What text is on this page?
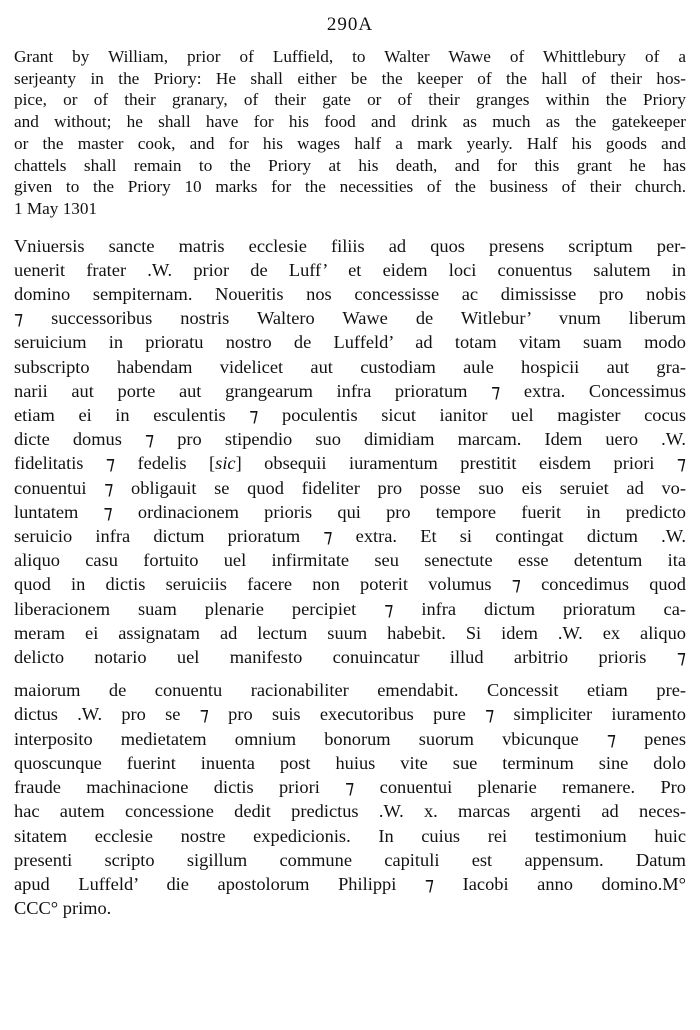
290A
Grant by William, prior of Luffield, to Walter Wawe of Whittlebury of a
serjeanty in the Priory: He shall either be the keeper of the hall of their hos-
pice, or of their granary, of their gate or of their granges within the Priory
and without; he shall have for his food and drink as much as the gatekeeper
or the master cook, and for his wages half a mark yearly. Half his goods and
chattels shall remain to the Priory at his death, and for this grant he has
given to the Priory 10 marks for the necessities of the business of their church.
1 May 1301
Vniuersis sancte matris ecclesie filiis ad quos presens scriptum per-
uenerit frater .W. prior de Luff’ et eidem loci conuentus salutem in
domino sempiternam. Noueritis nos concessisse ac dimississe pro nobis
⁊ successoribus nostris Waltero Wawe de Witlebur’ vnum liberum
seruicium in prioratu nostro de Luffeld’ ad totam vitam suam modo
subscripto habendam videlicet aut custodiam aule hospicii aut gra-
narii aut porte aut grangearum infra prioratum ⁊ extra. Concessimus
etiam ei in esculentis ⁊ poculentis sicut ianitor uel magister cocus
dicte domus ⁊ pro stipendio suo dimidiam marcam. Idem uero .W.
fidelitatis ⁊ fedelis [sic] obsequii iuramentum prestitit eisdem priori ⁊
conuentui ⁊ obligauit se quod fideliter pro posse suo eis seruiet ad vo-
luntatem ⁊ ordinacionem prioris qui pro tempore fuerit in predicto
seruicio infra dictum prioratum ⁊ extra. Et si contingat dictum .W.
aliquo casu fortuito uel infirmitate seu senectute esse detentum ita
quod in dictis seruiciis facere non poterit volumus ⁊ concedimus quod
liberacionem suam plenarie percipiet ⁊ infra dictum prioratum ca-
meram ei assignatam ad lectum suum habebit. Si idem .W. ex aliquo
delicto notario uel manifesto conuincatur illud arbitrio prioris ⁊
maiorum de conuentu racionabiliter emendabit. Concessit etiam pre-
dictus .W. pro se ⁊ pro suis executoribus pure ⁊ simpliciter iuramento
interposito medietatem omnium bonorum suorum vbicunque ⁊ penes
quoscunque fuerint inuenta post huius vite sue terminum sine dolo
fraude machinacione dictis priori ⁊ conuentui plenarie remanere. Pro
hac autem concessione dedit predictus .W. x. marcas argenti ad neces-
sitatem ecclesie nostre expedicionis. In cuius rei testimonium huic
presenti scripto sigillum commune capituli est appensum. Datum
apud Luffeld’ die apostolorum Philippi ⁊ Iacobi anno domino.M°
CCC° primo.
